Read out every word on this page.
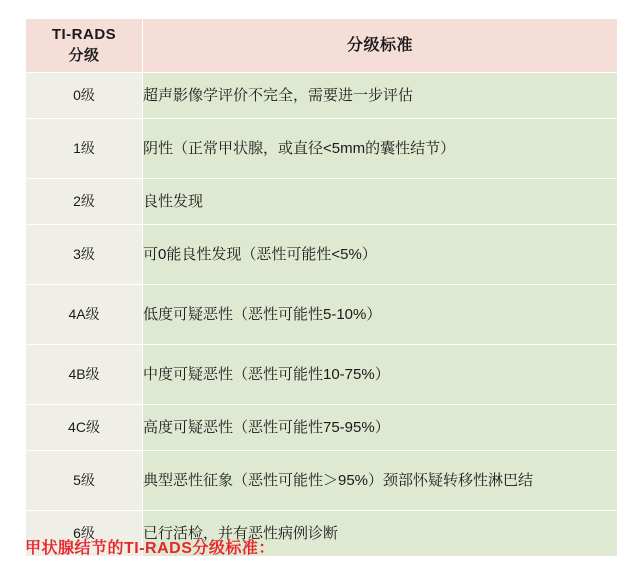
TI-RADS
分级	分级标准
0级	超声影像学评价不完全，需要进一步评估
1级	阴性（正常甲状腺，或直径<5mm的囊性结节）
2级	良性发现
3级	可0能良性发现（恶性可能性<5%）
4A级	低度可疑恶性（恶性可能性5-10%）
4B级	中度可疑恶性（恶性可能性10-75%）
4C级	高度可疑恶性（恶性可能性75-95%）
5级	典型恶性征象（恶性可能性＞95%）颈部怀疑转移性淋巴结
6级	已行活检，并有恶性病例诊断
甲状腺结节的TI-RADS分级标准：
